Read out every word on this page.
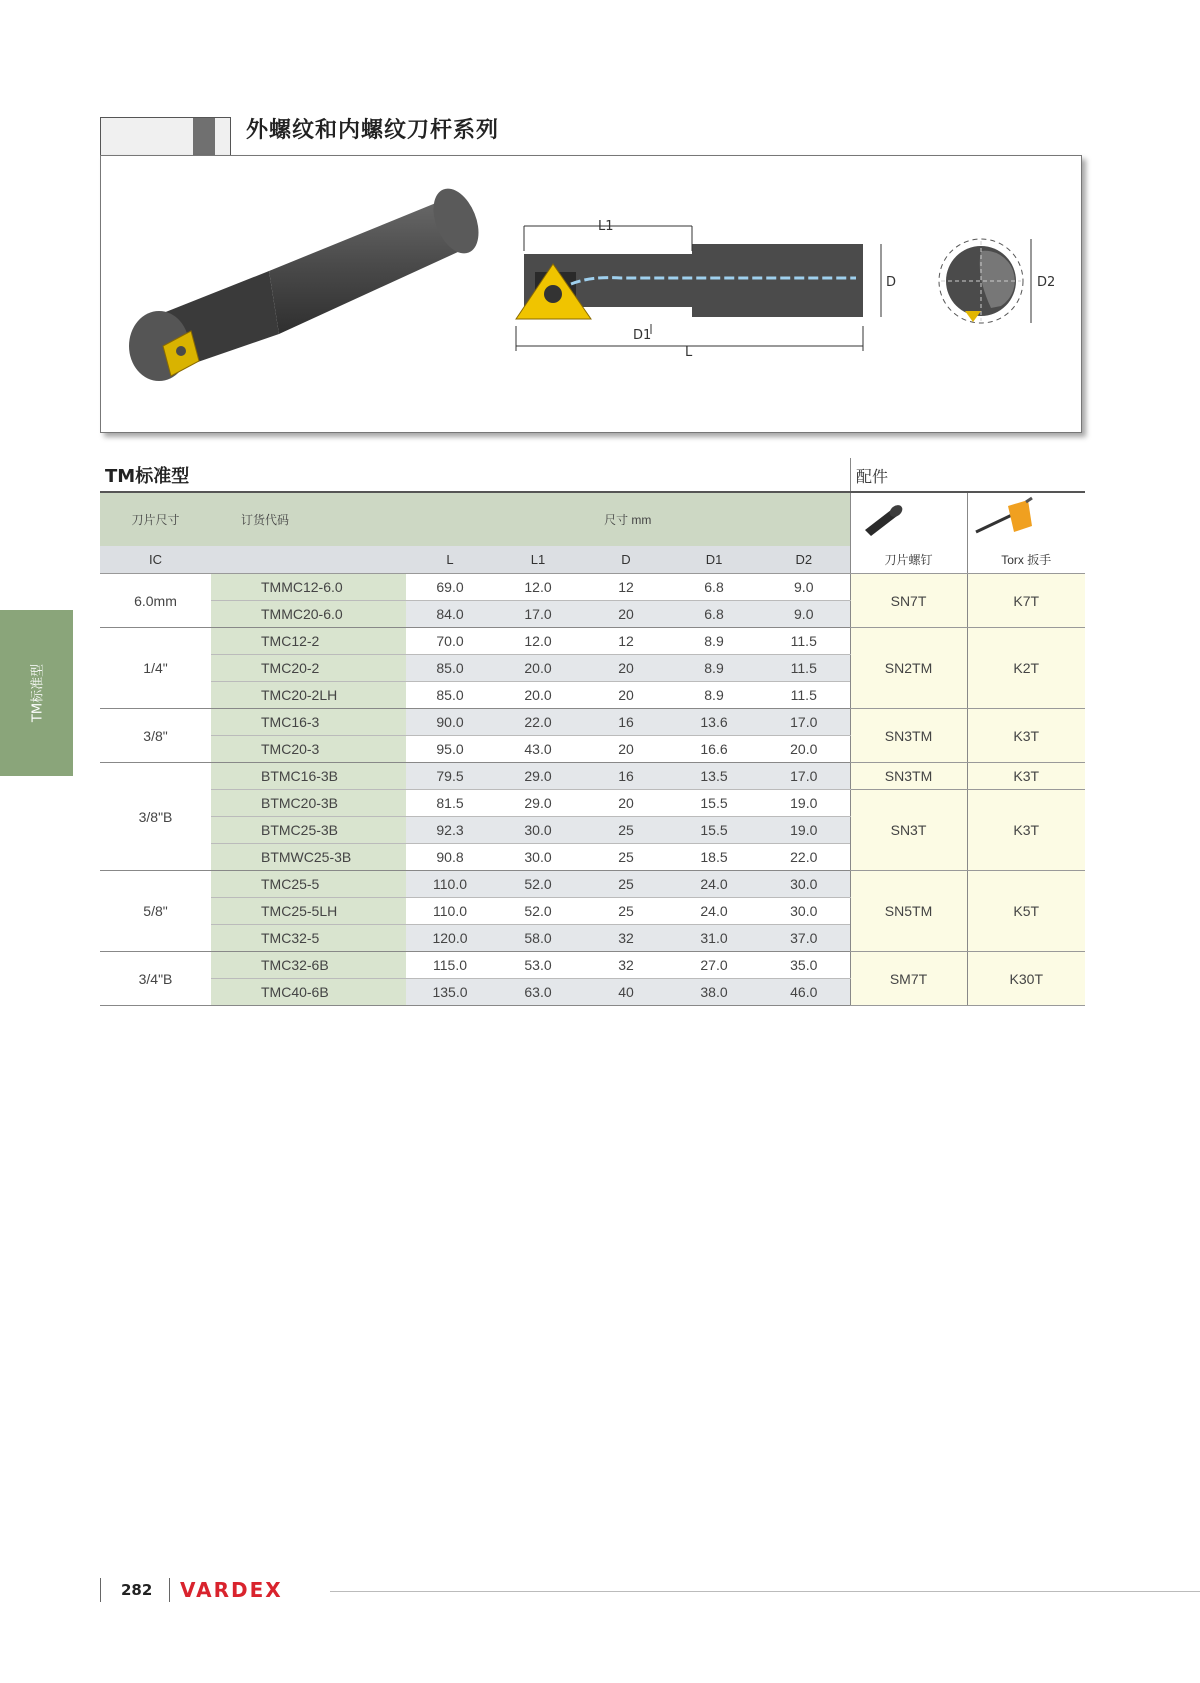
外螺纹和内螺纹刀杆系列
L1
L
D1
D	D2
TM标准型
TM标准型	配件
刀片尺寸	订货代码	尺寸 mm		
IC		L	L1	D	D1	D2	刀片螺钉	Torx 扳手
6.0mm	TMMC12-6.0	69.0	12.0	12	6.8	9.0	SN7T	K7T
	TMMC20-6.0	84.0	17.0	20	6.8	9.0		
1/4"	TMC12-2	70.0	12.0	12	8.9	11.5	SN2TM	K2T
	TMC20-2	85.0	20.0	20	8.9	11.5		
	TMC20-2LH	85.0	20.0	20	8.9	11.5		
3/8"	TMC16-3	90.0	22.0	16	13.6	17.0	SN3TM	K3T
	TMC20-3	95.0	43.0	20	16.6	20.0		
3/8"B	BTMC16-3B	79.5	29.0	16	13.5	17.0	SN3TM	K3T
	BTMC20-3B	81.5	29.0	20	15.5	19.0	SN3T	K3T
	BTMC25-3B	92.3	30.0	25	15.5	19.0		
	BTMWC25-3B	90.8	30.0	25	18.5	22.0		
5/8"	TMC25-5	110.0	52.0	25	24.0	30.0	SN5TM	K5T
	TMC25-5LH	110.0	52.0	25	24.0	30.0		
	TMC32-5	120.0	58.0	32	31.0	37.0		
3/4"B	TMC32-6B	115.0	53.0	32	27.0	35.0	SM7T	K30T
	TMC40-6B	135.0	63.0	40	38.0	46.0		
282 VARDEX
